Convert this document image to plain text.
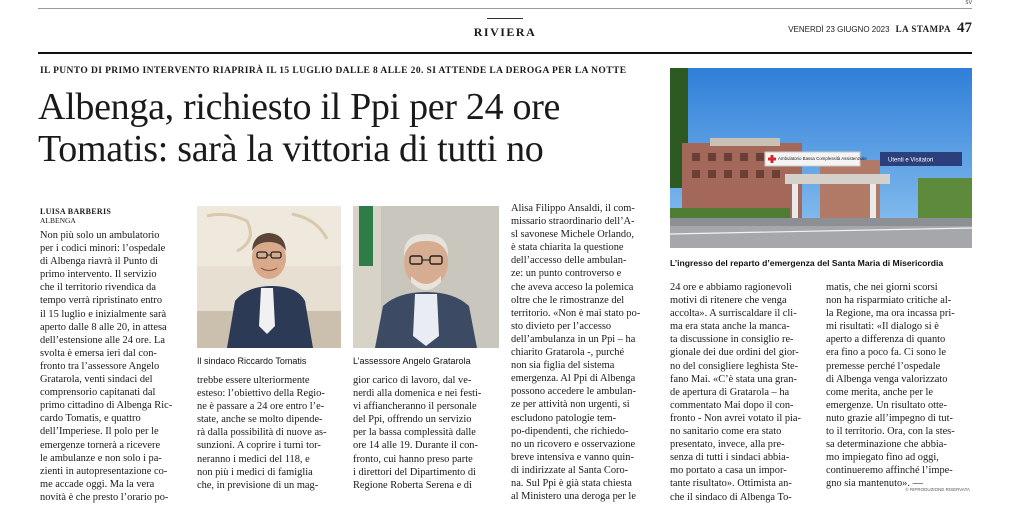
SV
RIVIERA	VENERDÌ 23 GIUGNO 2023 LA STAMPA 47
IL PUNTO DI PRIMO INTERVENTO RIAPRIRÀ IL 15 LUGLIO DALLE 8 ALLE 20. SI ATTENDE LA DEROGA PER LA NOTTE
Albenga, richiesto il Ppi per 24 ore
Tomatis: sarà la vittoria di tutti no
LUISA BARBERIS
ALBENGA
Il sindaco Riccardo Tomatis	L’assessore Angelo Gratarola
Ambulatorio Bassa Complessità Assistenziale	Utenti e Visitatori
L’ingresso del reparto d’emergenza del Santa Maria di Misericordia
Non più solo un ambulatorio
per i codici minori: l’ospedale
di Albenga riavrà il Punto di
primo intervento. Il servizio
che il territorio rivendica da
tempo verrà ripristinato entro
il 15 luglio e inizialmente sarà
aperto dalle 8 alle 20, in attesa
dell’estensione alle 24 ore. La
svolta è emersa ieri dal con-
fronto tra l’assessore Angelo
Gratarola, venti sindaci del
comprensorio capitanati dal
primo cittadino di Albenga Ric-
cardo Tomatis, e quattro
dell’Imperiese. Il polo per le
emergenze tornerà a ricevere
le ambulanze e non solo i pa-
zienti in autopresentazione co-
me accade oggi. Ma la vera
novità è che presto l’orario po-
trebbe essere ulteriormente
esteso: l’obiettivo della Regio-
ne è passare a 24 ore entro l’e-
state, anche se molto dipende-
rà dalla possibilità di nuove as-
sunzioni. A coprire i turni tor-
neranno i medici del 118, e
non più i medici di famiglia
che, in previsione di un mag-
gior carico di lavoro, dal ve-
nerdì alla domenica e nei festi-
vi affiancheranno il personale
del Ppi, offrendo un servizio
per la bassa complessità dalle
ore 14 alle 19. Durante il con-
fronto, cui hanno preso parte
i direttori del Dipartimento di
Regione Roberta Serena e di
Alisa Filippo Ansaldi, il com-
missario straordinario dell’A-
sl savonese Michele Orlando,
è stata chiarita la questione
dell’accesso delle ambulan-
ze: un punto controverso e
che aveva acceso la polemica
oltre che le rimostranze del
territorio. «Non è mai stato po-
sto divieto per l’accesso
dell’ambulanza in un Ppi – ha
chiarito Gratarola -, purché
non sia figlia del sistema
emergenza. Al Ppi di Albenga
possono accedere le ambulan-
ze per attività non urgenti, si
escludono patologie tem-
po-dipendenti, che richiedo-
no un ricovero e osservazione
breve intensiva e vanno quin-
di indirizzate al Santa Coro-
na. Sul Ppi è già stata chiesta
al Ministero una deroga per le
24 ore e abbiamo ragionevoli
motivi di ritenere che venga
accolta». A surriscaldare il cli-
ma era stata anche la manca-
ta discussione in consiglio re-
gionale dei due ordini del gior-
no del consigliere leghista Ste-
fano Mai. «C’è stata una gran-
de apertura di Gratarola – ha
commentato Mai dopo il con-
fronto - Non avrei votato il pia-
no sanitario come era stato
presentato, invece, alla pre-
senza di tutti i sindaci abbia-
mo portato a casa un impor-
tante risultato». Ottimista an-
che il sindaco di Albenga To-
matis, che nei giorni scorsi
non ha risparmiato critiche al-
la Regione, ma ora incassa pri-
mi risultati: «Il dialogo si è
aperto a differenza di quanto
era fino a poco fa. Ci sono le
premesse perché l’ospedale
di Albenga venga valorizzato
come merita, anche per le
emergenze. Un risultato otte-
nuto grazie all’impegno di tut-
to il territorio. Ora, con la stes-
sa determinazione che abbia-
mo impiegato fino ad oggi,
continueremo affinché l’impe-
gno sia mantenuto». —
© RIPRODUZIONE RISERVATA
